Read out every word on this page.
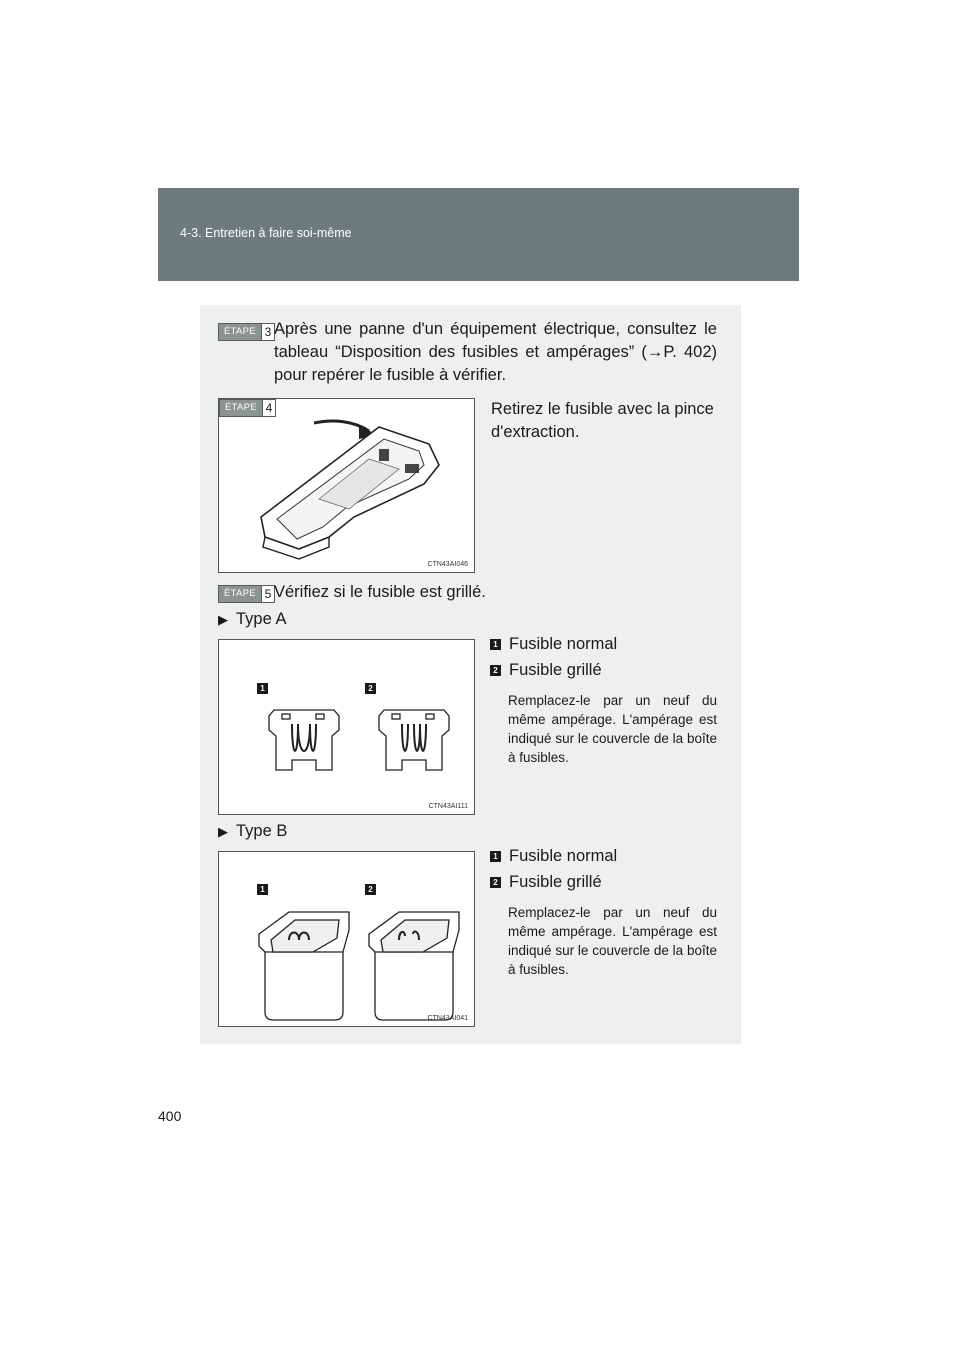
4-3. Entretien à faire soi-même
ÉTAPE 3 Après une panne d'un équipement électrique, consultez le tableau “Disposition des fusibles et ampérages” (→P. 402) pour repérer le fusible à vérifier.
ÉTAPE 4
CTN43AI046
Retirez le fusible avec la pince d'extraction.
ÉTAPE 5 Vérifiez si le fusible est grillé.
▶ Type A
1	2
CTN43AI111
1 Fusible normal
2 Fusible grillé
Remplacez-le par un neuf du même ampérage. L'ampérage est indiqué sur le couvercle de la boîte à fusibles.
▶ Type B
1	2
CTN43AI041
1 Fusible normal
2 Fusible grillé
Remplacez-le par un neuf du même ampérage. L'ampérage est indiqué sur le couvercle de la boîte à fusibles.
400
